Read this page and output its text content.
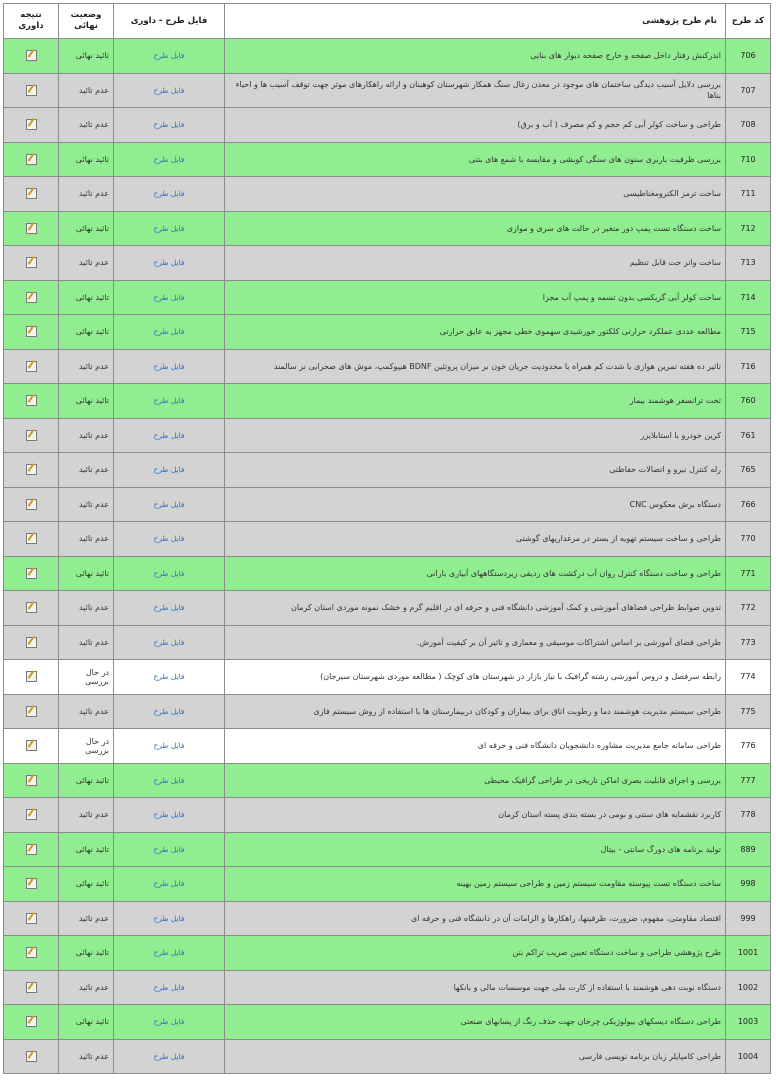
کد طرح	نام طرح پژوهشی	فایل طرح - داوری	وضعیت نهائی	نتیجه داوری
706	اندرکنش رفتار داخل صفحه و خارج صفحه دیوار های بنایی	فایل طرح	تائید نهائی	
707	بررسی دلایل آسیب دیدگی ساختمان های موجود در معدن زغال سنگ همکار شهرستان کوهبنان و ارائه راهکارهای موثر جهت توقف آسیب ها و احیاء بناها	فایل طرح	عدم تائید	
708	طراحی و ساخت کولر آبی کم حجم و کم مصرف ( آب و برق)	فایل طرح	عدم تائید	
710	بررسی ظرفیت باربری ستون های سنگی کوبشی و مقایسه با شمع های بتنی	فایل طرح	تائید نهائی	
711	ساخت ترمز الکترومغناطیسی	فایل طرح	عدم تائید	
712	ساخت دستگاه تست پمپ دور متغیر در حالت های سری و موازی	فایل طرح	تائید نهائی	
713	ساخت واتر جت قابل تنظیم	فایل طرح	عدم تائید	
714	ساخت کولر آبی گریکسی بدون تسمه و پمپ آب مجزا	فایل طرح	تائید نهائی	
715	مطالعه عددی عملکرد حرارتی کلکتور خورشیدی سهموی خطی مجهز به عایق حرارتی	فایل طرح	تائید نهائی	
716	تاثیر ده هفته تمرین هوازی با شدت کم همراه با محدودیت جریان خون بر میزان پروتئین BDNF هیپوکمپ، موش های صحرایی نر سالمند	فایل طرح	عدم تائید	
760	تخت ترانسفر هوشمند بیمار	فایل طرح	تائید نهائی	
761	کرین خودرو با استابلایزر	فایل طرح	عدم تائید	
765	رله کنترل نیرو و اتصالات حفاظتی	فایل طرح	عدم تائید	
766	دستگاه برش معکوس CNC	فایل طرح	عدم تائید	
770	طراحی و ساخت سیستم تهویه از بستر در مرغداریهای گوشتی	فایل طرح	عدم تائید	
771	طراحی و ساخت دستگاه کنترل روان آب درکشت های ردیفی زیردستگاههای آبیاری بارانی	فایل طرح	تائید نهائی	
772	تدوین ضوابط طراحی فضاهای آموزشی و کمک آموزشی دانشگاه فنی و حرفه ای در اقلیم گرم و خشک نمونه موردی استان کرمان	فایل طرح	عدم تائید	
773	طراحی فضای آموزشی بر اساس اشتراکات موسیقی و معماری و تاثیر آن بر کیفیت آموزش.	فایل طرح	عدم تائید	
774	رابطه سرفصل و دروس آموزشی رشته گرافیک با نیاز بازار در شهرستان های کوچک ( مطالعه موردی شهرستان سیرجان)	فایل طرح	در حال بررسی	
775	طراحی سیستم مدیریت هوشمند دما و رطوبت اتاق برای بیماران و کودکان دربیمارستان ها با استفاده از روش سیستم فازی	فایل طرح	عدم تائید	
776	طراحی سامانه جامع مدیریت مشاوره دانشجویان دانشگاه فنی و حرفه ای	فایل طرح	در حال بررسی	
777	بررسی و اجرای قابلیت بصری اماکن تاریخی در طراحی گرافیک محیطی	فایل طرح	تائید نهائی	
778	کاربرد نقشمایه های سنتی و بومی در بسته بندی پسته استان کرمان	فایل طرح	عدم تائید	
889	تولید برنامه های دورگ سانتی - بیتال	فایل طرح	تائید نهائی	
998	ساخت دستگاه تست پیوسته مقاومت سیستم زمین و طراحی سیستم زمین بهینه	فایل طرح	تائید نهائی	
999	اقتصاد مقاومتی، مفهوم، ضرورت، ظرفیتها، راهکارها و الزامات آن در دانشگاه فنی و حرفه ای	فایل طرح	عدم تائید	
1001	طرح پژوهشی طراحی و ساخت دستگاه تعیین ضریب تراکم بتن	فایل طرح	تائید نهائی	
1002	دستگاه نوبت دهی هوشمند با استفاده از کارت ملی جهت موسسات مالی و بانکها	فایل طرح	عدم تائید	
1003	طراحی دستگاه دیسکهای بیولوژیکی چرخان جهت حذف رنگ از پسابهای صنعتی	فایل طرح	تائید نهائی	
1004	طراحی کامپایلر زبان برنامه نویسی فارسی	فایل طرح	عدم تائید	
